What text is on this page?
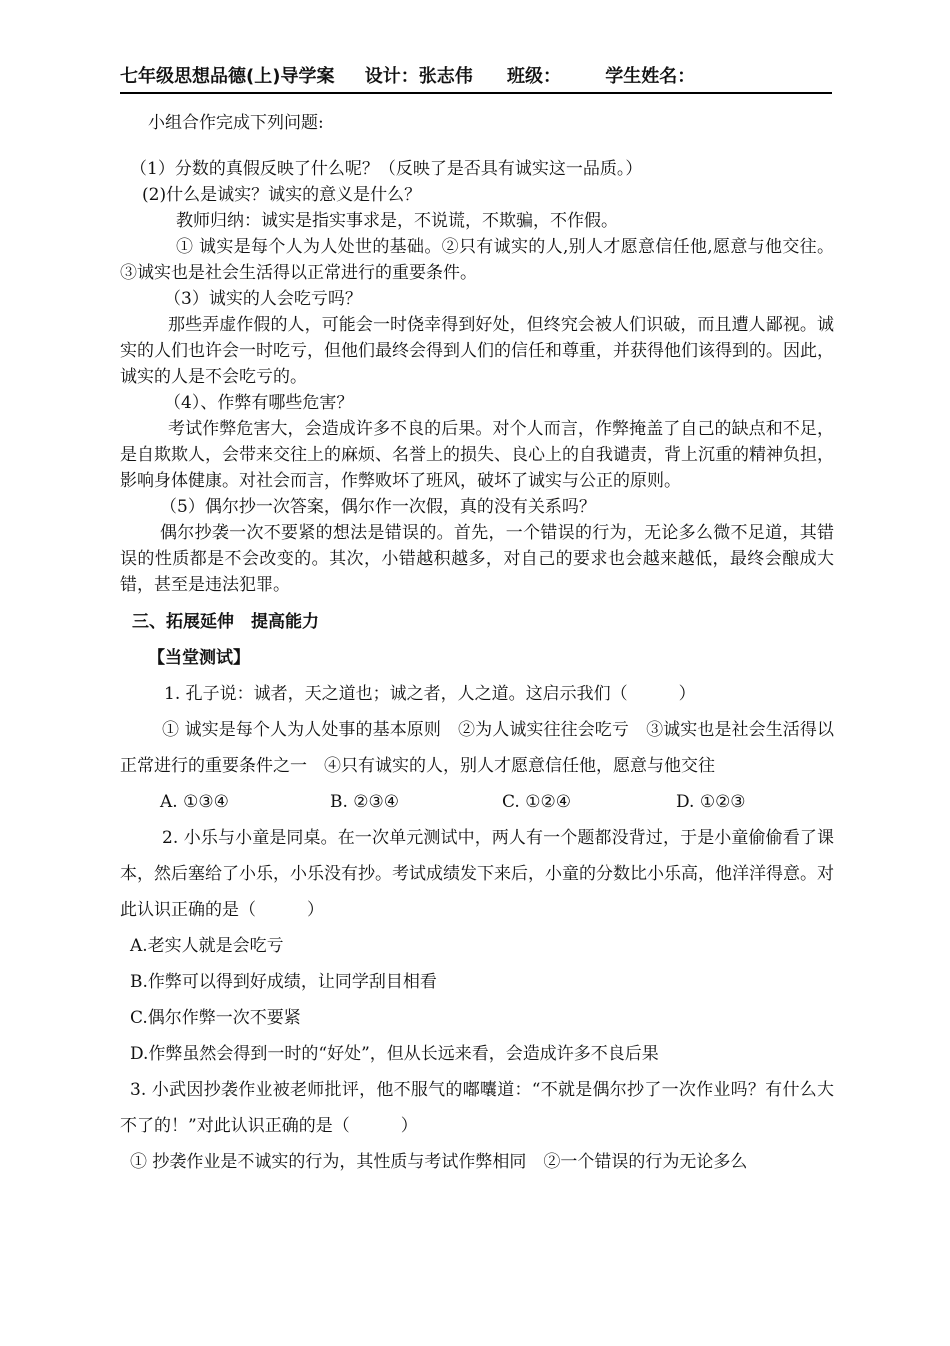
七年级思想品德(上)导学案 设计：张志伟 班级： 学生姓名：

小组合作完成下列问题:

（1）分数的真假反映了什么呢？（反映了是否具有诚实这一品质。）

(2)什么是诚实？诚实的意义是什么？

教师归纳：诚实是指实事求是，不说谎，不欺骗，不作假。

① 诚实是每个人为人处世的基础。②只有诚实的人,别人才愿意信任他,愿意与他交往。③诚实也是社会生活得以正常进行的重要条件。

（3）诚实的人会吃亏吗？

那些弄虚作假的人，可能会一时侥幸得到好处，但终究会被人们识破，而且遭人鄙视。诚实的人们也许会一时吃亏，但他们最终会得到人们的信任和尊重，并获得他们该得到的。因此，诚实的人是不会吃亏的。

（4）、作弊有哪些危害？

考试作弊危害大，会造成许多不良的后果。对个人而言，作弊掩盖了自己的缺点和不足，是自欺欺人，会带来交往上的麻烦、名誉上的损失、良心上的自我谴责，背上沉重的精神负担，影响身体健康。对社会而言，作弊败坏了班风，破坏了诚实与公正的原则。

（5）偶尔抄一次答案，偶尔作一次假，真的没有关系吗？

偶尔抄袭一次不要紧的想法是错误的。首先，一个错误的行为，无论多么微不足道，其错误的性质都是不会改变的。其次，小错越积越多，对自己的要求也会越来越低，最终会酿成大错，甚至是违法犯罪。

三、拓展延伸　提高能力

【当堂测试】

1. 孔子说：诚者，天之道也；诚之者，人之道。这启示我们（　　　）

① 诚实是每个人为人处事的基本原则　②为人诚实往往会吃亏　③诚实也是社会生活得以正常进行的重要条件之一　④只有诚实的人，别人才愿意信任他，愿意与他交往

A. ①③④	B. ②③④	C. ①②④	D. ①②③

2. 小乐与小童是同桌。在一次单元测试中，两人有一个题都没背过，于是小童偷偷看了课本，然后塞给了小乐，小乐没有抄。考试成绩发下来后，小童的分数比小乐高，他洋洋得意。对此认识正确的是（　　　）

A.老实人就是会吃亏

B.作弊可以得到好成绩，让同学刮目相看

C.偶尔作弊一次不要紧

D.作弊虽然会得到一时的“好处”，但从长远来看，会造成许多不良后果

3. 小武因抄袭作业被老师批评，他不服气的嘟囔道：“不就是偶尔抄了一次作业吗？有什么大不了的！”对此认识正确的是（　　　）

① 抄袭作业是不诚实的行为，其性质与考试作弊相同　②一个错误的行为无论多么
